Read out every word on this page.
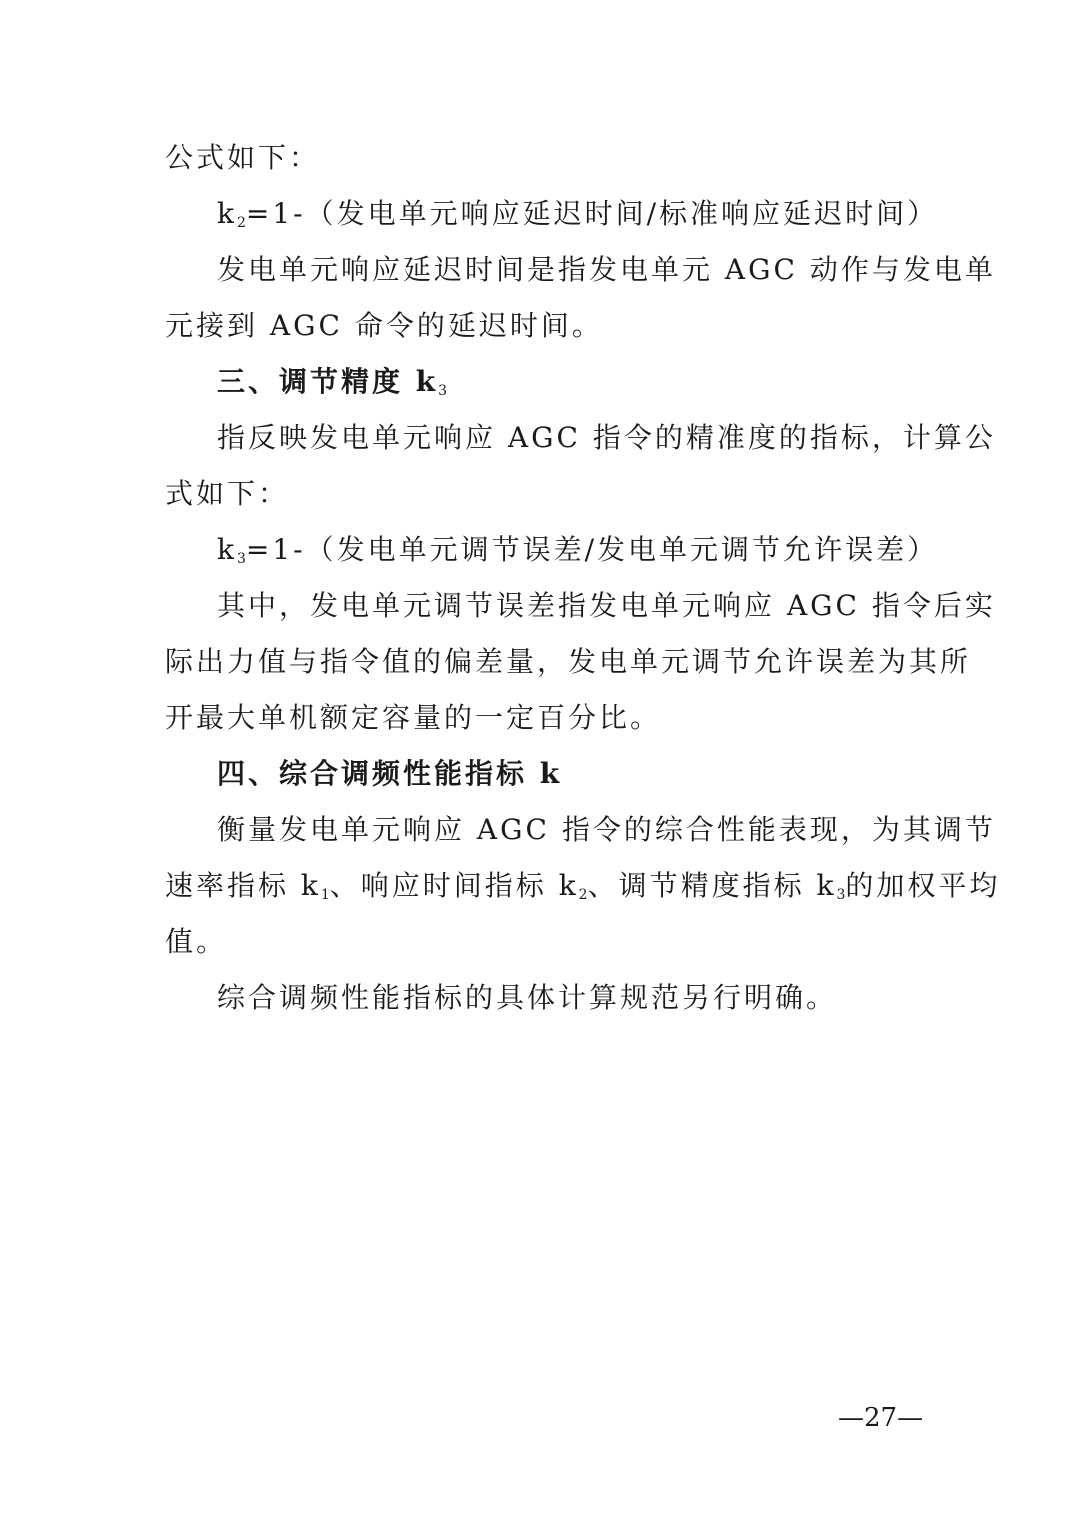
公式如下：
$k_2=1-$（发电单元响应延迟时间/标准响应延迟时间）
发电单元响应延迟时间是指发电单元 AGC 动作与发电单
元接到 AGC 命令的延迟时间。
三、调节精度 $k_3$
指反映发电单元响应 AGC 指令的精准度的指标，计算公
式如下：
$k_3=1-$（发电单元调节误差/发电单元调节允许误差）
其中，发电单元调节误差指发电单元响应 AGC 指令后实
际出力值与指令值的偏差量，发电单元调节允许误差为其所
开最大单机额定容量的一定百分比。
四、综合调频性能指标 k
衡量发电单元响应 AGC 指令的综合性能表现，为其调节
速率指标 $k_1$、响应时间指标 $k_2$、调节精度指标 $k_3$的加权平均
值。
综合调频性能指标的具体计算规范另行明确。
—27—
